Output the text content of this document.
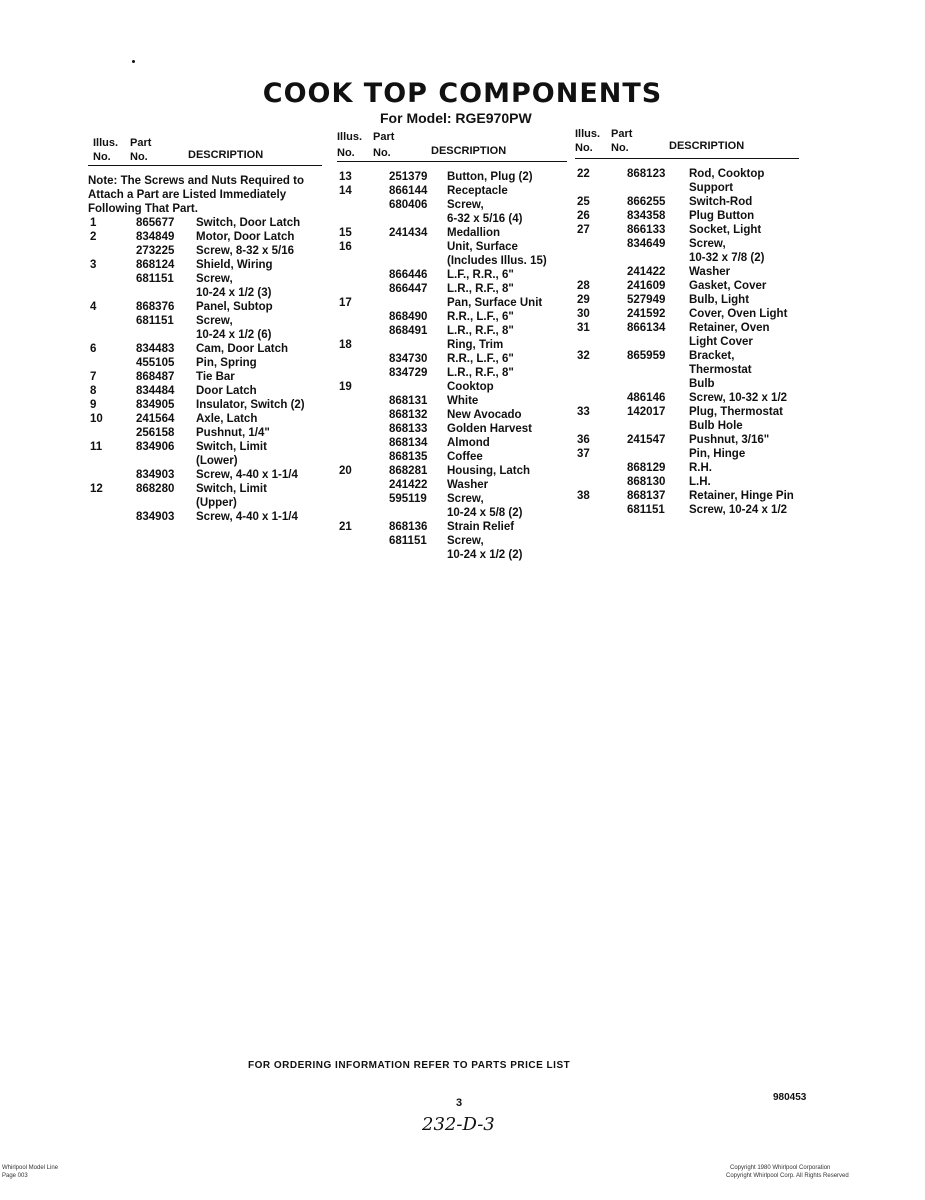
COOK TOP COMPONENTS
For Model: RGE970PW
Illus. Part
No. No.	DESCRIPTION
Note: The Screws and Nuts Required to
Attach a Part are Listed Immediately
Following That Part.
1	865677 Switch, Door Latch
2	834849 Motor, Door Latch
273225 Screw, 8-32 x 5/16
3	868124 Shield, Wiring
681151 Screw,
10-24 x 1/2 (3)
4	868376 Panel, Subtop
681151 Screw,
10-24 x 1/2 (6)
6	834483 Cam, Door Latch
455105 Pin, Spring
7	868487 Tie Bar
8	834484 Door Latch
9	834905 Insulator, Switch (2)
10	241564 Axle, Latch
256158 Pushnut, 1/4"
11	834906 Switch, Limit
(Lower)
834903 Screw, 4-40 x 1-1/4
12	868280 Switch, Limit
(Upper)
834903 Screw, 4-40 x 1-1/4
Illus. Part
No. No.	DESCRIPTION
13	251379 Button, Plug (2)
14	866144 Receptacle
680406 Screw,
6-32 x 5/16 (4)
15	241434 Medallion
16	Unit, Surface
(Includes Illus. 15)
866446 L.F., R.R., 6"
866447 L.R., R.F., 8"
17	Pan, Surface Unit
868490 R.R., L.F., 6"
868491 L.R., R.F., 8"
18	Ring, Trim
834730 R.R., L.F., 6"
834729 L.R., R.F., 8"
19	Cooktop
868131 White
868132 New Avocado
868133 Golden Harvest
868134 Almond
868135 Coffee
20	868281 Housing, Latch
241422 Washer
595119 Screw,
10-24 x 5/8 (2)
21	868136 Strain Relief
681151 Screw,
10-24 x 1/2 (2)
Illus. Part
No. No.	DESCRIPTION
22	868123 Rod, Cooktop
Support
25	866255 Switch-Rod
26	834358 Plug Button
27	866133 Socket, Light
834649 Screw,
10-32 x 7/8 (2)
241422 Washer
28	241609 Gasket, Cover
29	527949 Bulb, Light
30	241592 Cover, Oven Light
31	866134 Retainer, Oven
Light Cover
32	865959 Bracket,
Thermostat
Bulb
486146 Screw, 10-32 x 1/2
33	142017 Plug, Thermostat
Bulb Hole
36	241547 Pushnut, 3/16"
37	Pin, Hinge
868129 R.H.
868130 L.H.
38	868137 Retainer, Hinge Pin
681151 Screw, 10-24 x 1/2
FOR ORDERING INFORMATION REFER TO PARTS PRICE LIST
3	980453
232-D-3
Whirlpool Model Line
Page 003
Copyright 1980 Whirlpool Corporation
Copyright Whirlpool Corp. All Rights Reserved
